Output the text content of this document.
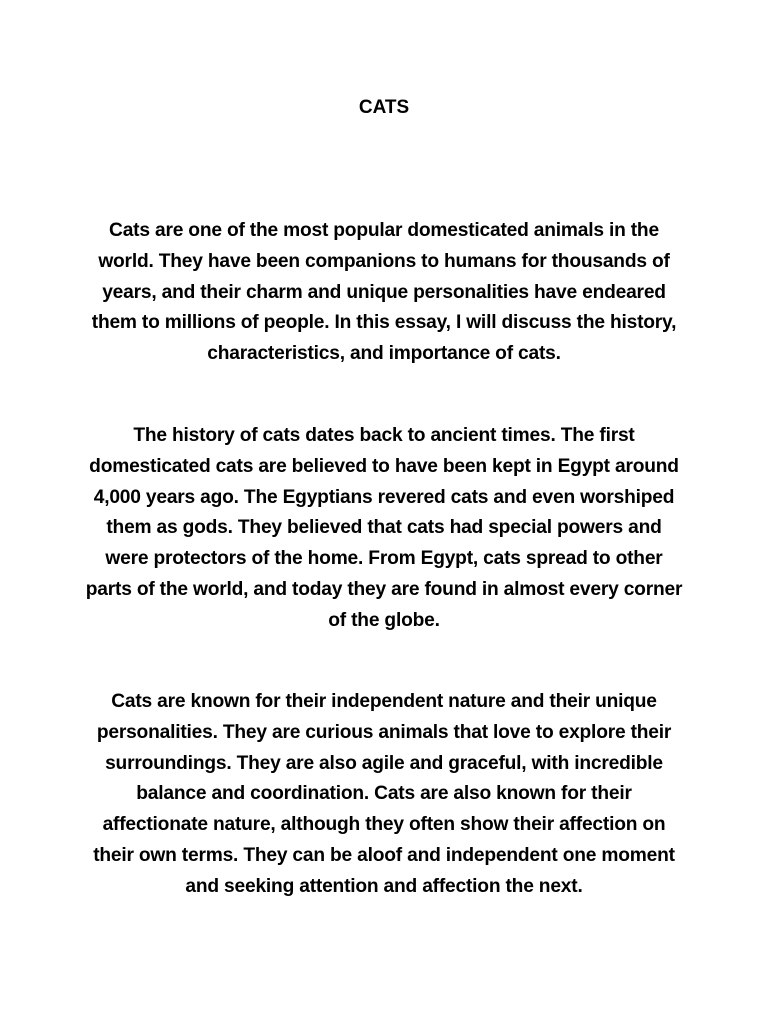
CATS

Cats are one of the most popular domesticated animals in the world. They have been companions to humans for thousands of years, and their charm and unique personalities have endeared them to millions of people. In this essay, I will discuss the history, characteristics, and importance of cats.

The history of cats dates back to ancient times. The first domesticated cats are believed to have been kept in Egypt around 4,000 years ago. The Egyptians revered cats and even worshiped them as gods. They believed that cats had special powers and were protectors of the home. From Egypt, cats spread to other parts of the world, and today they are found in almost every corner of the globe.

Cats are known for their independent nature and their unique personalities. They are curious animals that love to explore their surroundings. They are also agile and graceful, with incredible balance and coordination. Cats are also known for their affectionate nature, although they often show their affection on their own terms. They can be aloof and independent one moment and seeking attention and affection the next.
